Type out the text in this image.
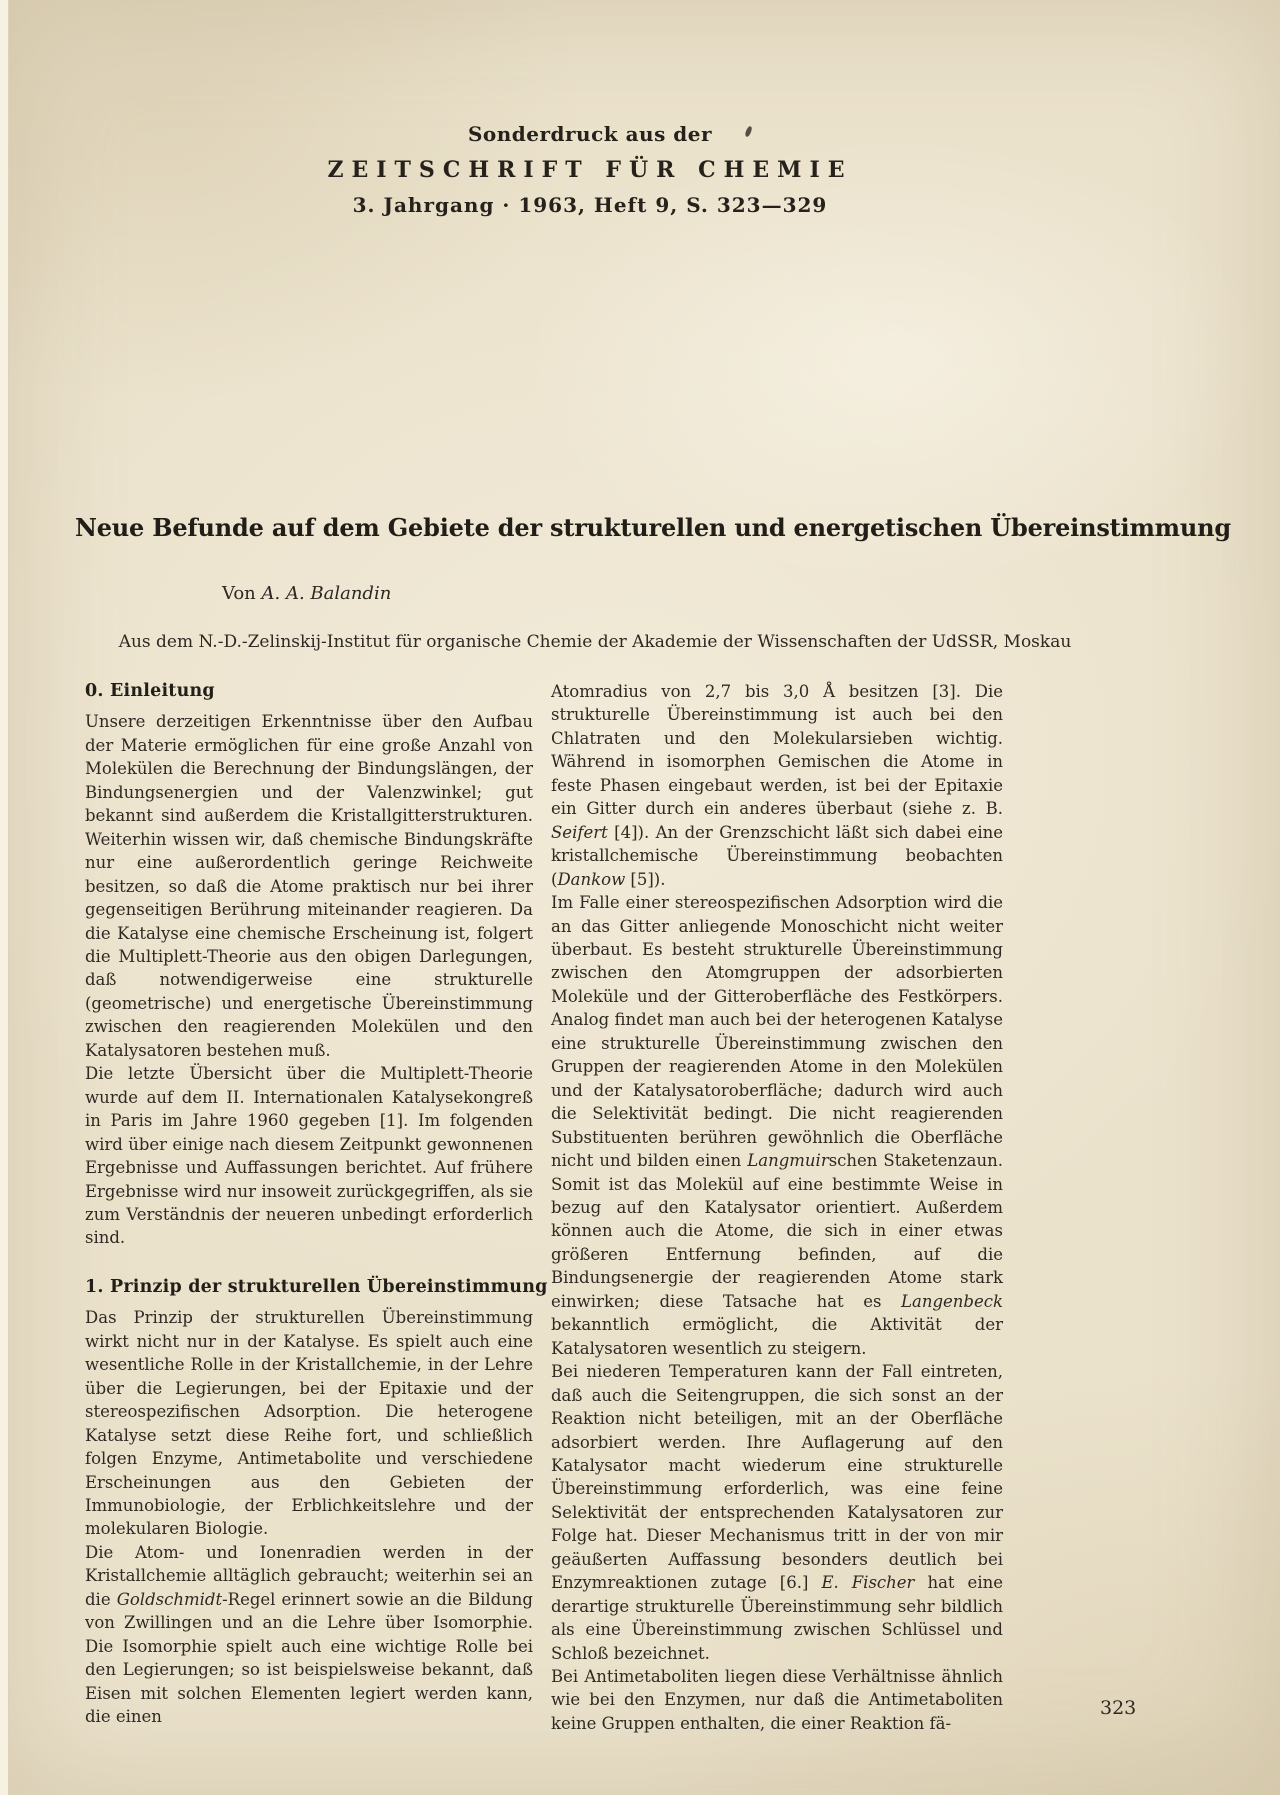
Sonderdruck aus der
ZEITSCHRIFT FÜR CHEMIE
3. Jahrgang · 1963, Heft 9, S. 323—329
Neue Befunde auf dem Gebiete der strukturellen und energetischen Übereinstimmung
Von A. A. Balandin
Aus dem N.-D.-Zelinskij-Institut für organische Chemie der Akademie der Wissenschaften der UdSSR, Moskau
0. Einleitung

Unsere derzeitigen Erkenntnisse über den Aufbau der Materie ermöglichen für eine große Anzahl von Molekülen die Berechnung der Bindungslängen, der Bindungsenergien und der Valenzwinkel; gut bekannt sind außerdem die Kristallgitterstrukturen. Weiterhin wissen wir, daß chemische Bindungskräfte nur eine außerordentlich geringe Reichweite besitzen, so daß die Atome praktisch nur bei ihrer gegenseitigen Berührung miteinander reagieren. Da die Katalyse eine chemische Erscheinung ist, folgert die Multiplett-Theorie aus den obigen Darlegungen, daß notwendigerweise eine strukturelle (geometrische) und energetische Übereinstimmung zwischen den reagierenden Molekülen und den Katalysatoren bestehen muß.

Die letzte Übersicht über die Multiplett-Theorie wurde auf dem II. Internationalen Katalysekongreß in Paris im Jahre 1960 gegeben [1]. Im folgenden wird über einige nach diesem Zeitpunkt gewonnenen Ergebnisse und Auffassungen berichtet. Auf frühere Ergebnisse wird nur insoweit zurückgegriffen, als sie zum Verständnis der neueren unbedingt erforderlich sind.

1. Prinzip der strukturellen Übereinstimmung

Das Prinzip der strukturellen Übereinstimmung wirkt nicht nur in der Katalyse. Es spielt auch eine wesentliche Rolle in der Kristallchemie, in der Lehre über die Legierungen, bei der Epitaxie und der stereospezifischen Adsorption. Die heterogene Katalyse setzt diese Reihe fort, und schließlich folgen Enzyme, Antimetabolite und verschiedene Erscheinungen aus den Gebieten der Immunobiologie, der Erblichkeitslehre und der molekularen Biologie.

Die Atom- und Ionenradien werden in der Kristallchemie alltäglich gebraucht; weiterhin sei an die Goldschmidt-Regel erinnert sowie an die Bildung von Zwillingen und an die Lehre über Isomorphie. Die Isomorphie spielt auch eine wichtige Rolle bei den Legierungen; so ist beispielsweise bekannt, daß Eisen mit solchen Elementen legiert werden kann, die einen

Atomradius von 2,7 bis 3,0 Å besitzen [3]. Die strukturelle Übereinstimmung ist auch bei den Chlatraten und den Molekularsieben wichtig. Während in isomorphen Gemischen die Atome in feste Phasen eingebaut werden, ist bei der Epitaxie ein Gitter durch ein anderes überbaut (siehe z. B. Seifert [4]). An der Grenzschicht läßt sich dabei eine kristallchemische Übereinstimmung beobachten (Dankow [5]).

Im Falle einer stereospezifischen Adsorption wird die an das Gitter anliegende Monoschicht nicht weiter überbaut. Es besteht strukturelle Übereinstimmung zwischen den Atomgruppen der adsorbierten Moleküle und der Gitteroberfläche des Festkörpers. Analog findet man auch bei der heterogenen Katalyse eine strukturelle Übereinstimmung zwischen den Gruppen der reagierenden Atome in den Molekülen und der Katalysatoroberfläche; dadurch wird auch die Selektivität bedingt. Die nicht reagierenden Substituenten berühren gewöhnlich die Oberfläche nicht und bilden einen Langmuirschen Staketenzaun. Somit ist das Molekül auf eine bestimmte Weise in bezug auf den Katalysator orientiert. Außerdem können auch die Atome, die sich in einer etwas größeren Entfernung befinden, auf die Bindungsenergie der reagierenden Atome stark einwirken; diese Tatsache hat es Langenbeck bekanntlich ermöglicht, die Aktivität der Katalysatoren wesentlich zu steigern.

Bei niederen Temperaturen kann der Fall eintreten, daß auch die Seitengruppen, die sich sonst an der Reaktion nicht beteiligen, mit an der Oberfläche adsorbiert werden. Ihre Auflagerung auf den Katalysator macht wiederum eine strukturelle Übereinstimmung erforderlich, was eine feine Selektivität der entsprechenden Katalysatoren zur Folge hat. Dieser Mechanismus tritt in der von mir geäußerten Auffassung besonders deutlich bei Enzymreaktionen zutage [6.] E. Fischer hat eine derartige strukturelle Übereinstimmung sehr bildlich als eine Übereinstimmung zwischen Schlüssel und Schloß bezeichnet.

Bei Antimetaboliten liegen diese Verhältnisse ähnlich wie bei den Enzymen, nur daß die Antimetaboliten keine Gruppen enthalten, die einer Reaktion fä-

323
